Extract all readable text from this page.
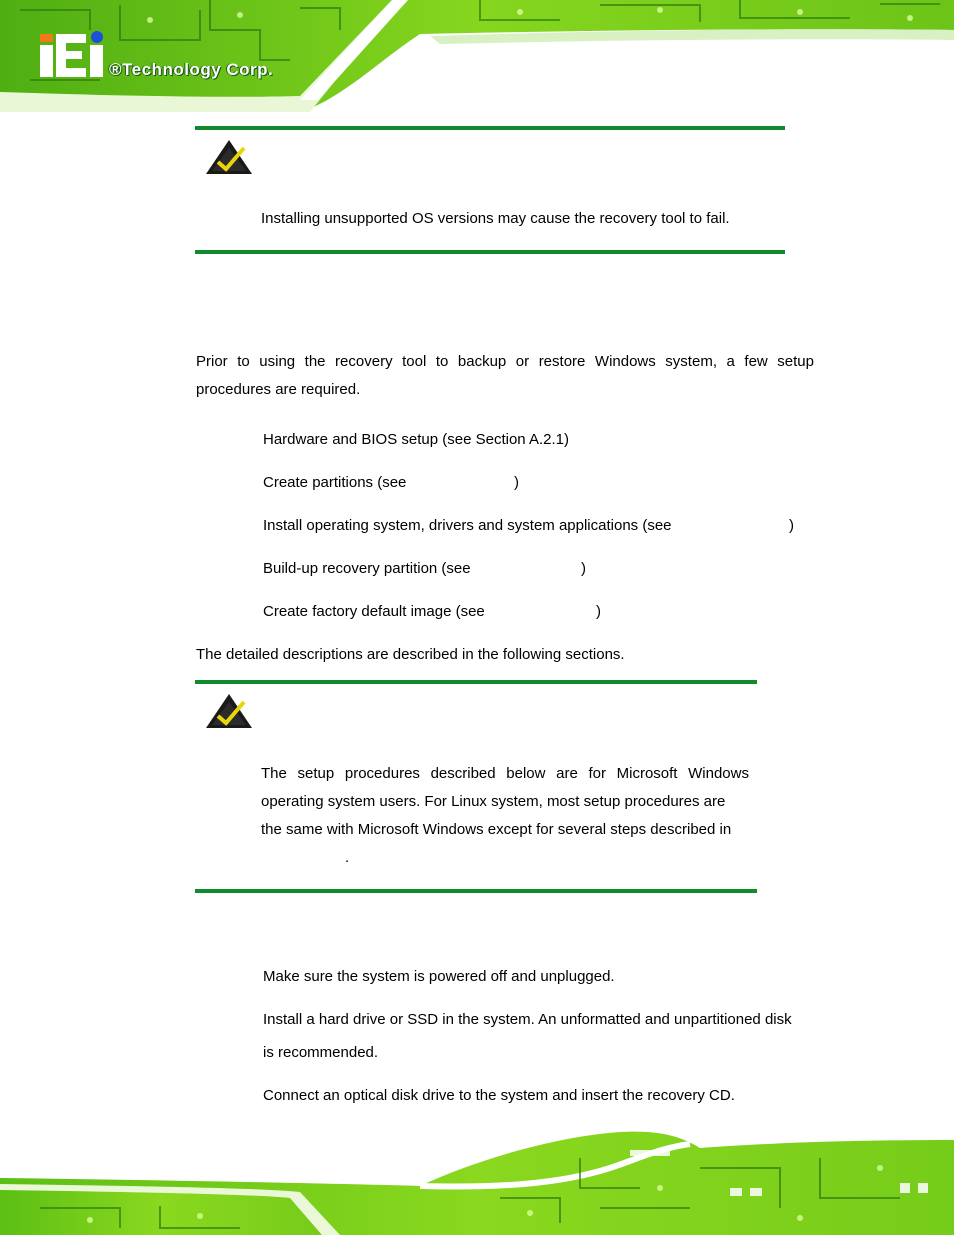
®Technology Corp.
Installing unsupported OS versions may cause the recovery tool to fail.
Prior to using the recovery tool to backup or restore Windows system, a few setup
procedures are required.
Hardware and BIOS setup (see Section A.2.1)
Create partitions (see	)
Install operating system, drivers and system applications (see	)
Build-up recovery partition (see	)
Create factory default image (see	)
The detailed descriptions are described in the following sections.
The setup procedures described below are for Microsoft Windows
operating system users. For Linux system, most setup procedures are
the same with Microsoft Windows except for several steps described in
.
Make sure the system is powered off and unplugged.
Install a hard drive or SSD in the system. An unformatted and unpartitioned disk
is recommended.
Connect an optical disk drive to the system and insert the recovery CD.
